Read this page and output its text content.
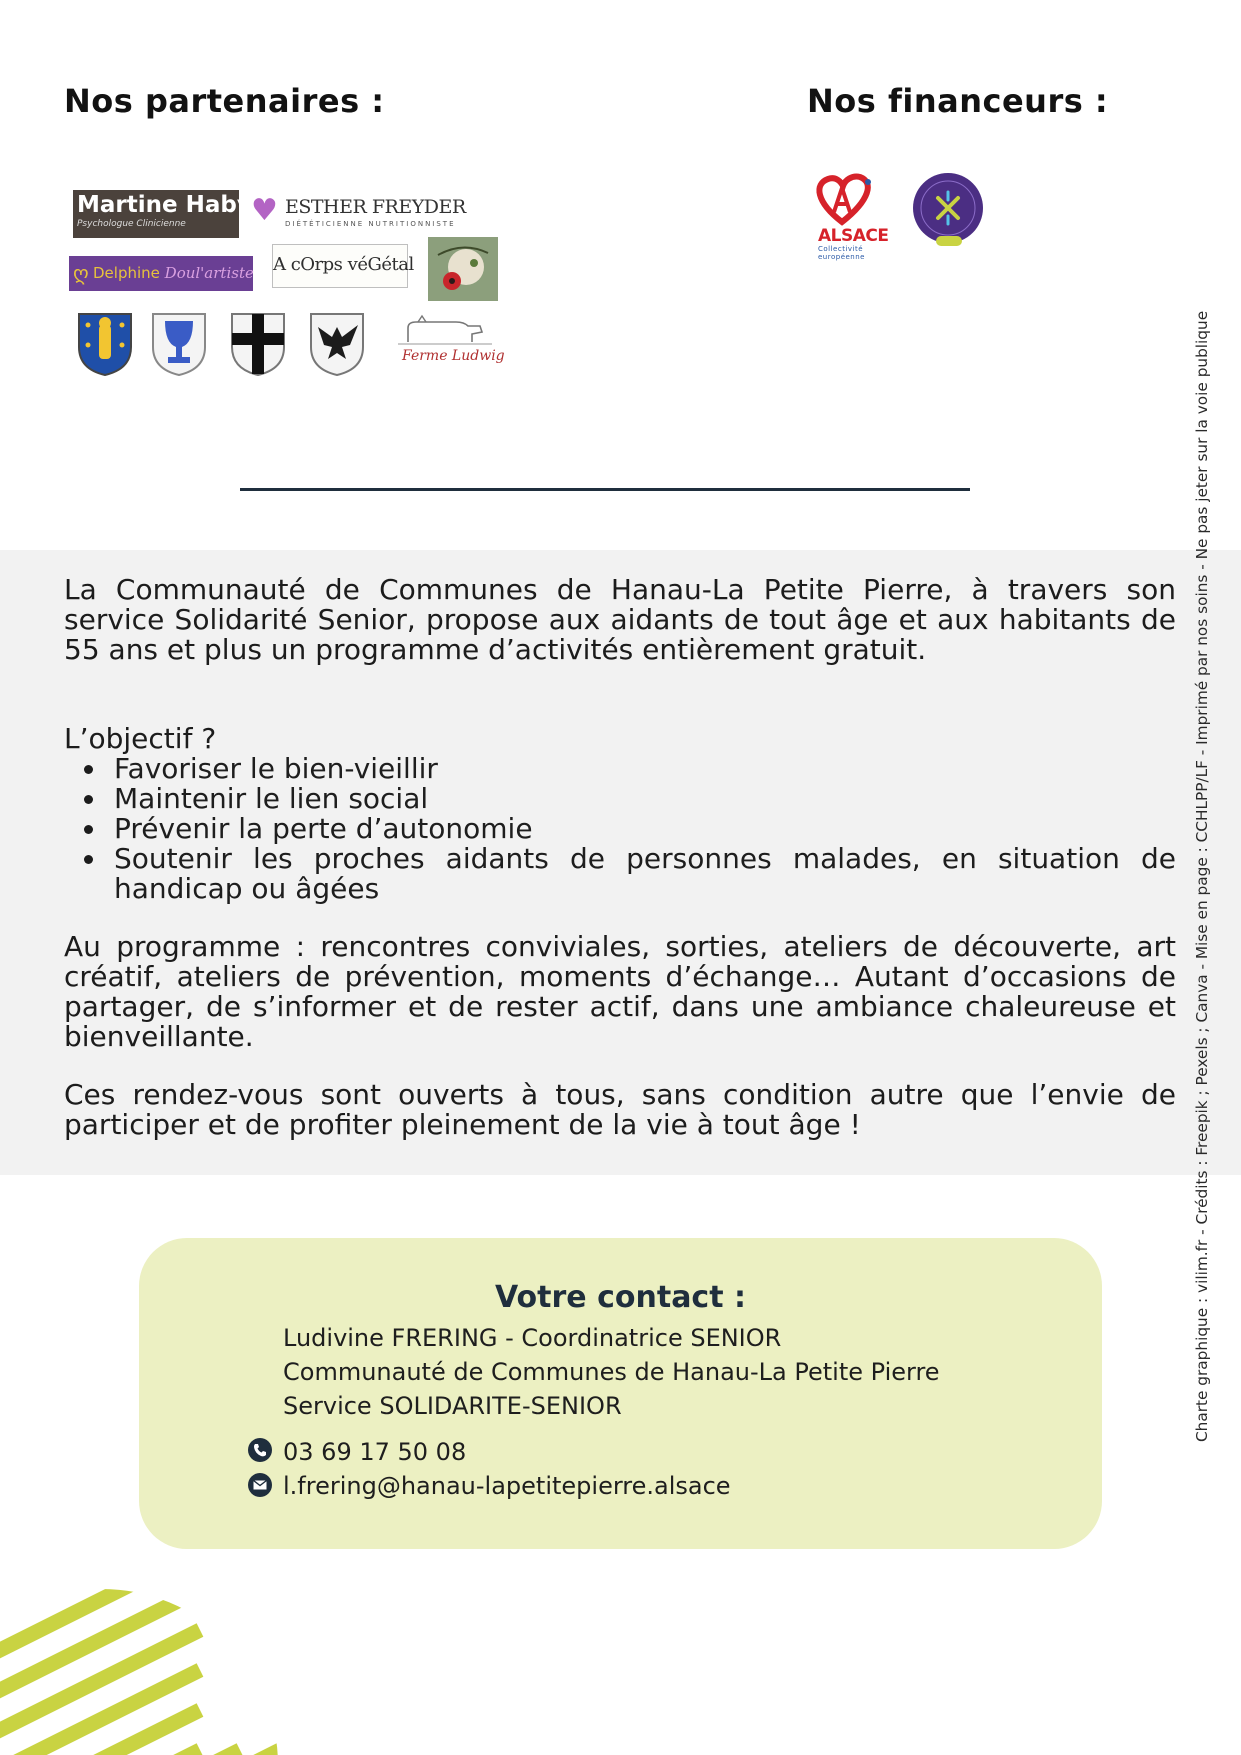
Nos partenaires :
Martine Haby
Psychologue Clinicienne	♥ ESTHER FREYDER
DIÉTÉTICIENNE NUTRITIONNISTE
ღ Delphine Doul'artiste A cOrps véGétal
Ferme Ludwig
Nos financeurs :
ALSACE
Collectivité européenne

La Communauté de Communes de Hanau-La Petite Pierre, à travers son service Solidarité Senior, propose aux aidants de tout âge et aux habitants de 55 ans et plus un programme d’activités entièrement gratuit.

L’objectif ?

Favoriser le bien-vieillir
Maintenir le lien social
Prévenir la perte d’autonomie
Soutenir les proches aidants de personnes malades, en situation de handicap ou âgées

Au programme : rencontres conviviales, sorties, ateliers de découverte, art créatif, ateliers de prévention, moments d’échange… Autant d’occasions de partager, de s’informer et de rester actif, dans une ambiance chaleureuse et bienveillante.

Ces rendez-vous sont ouverts à tous, sans condition autre que l’envie de participer et de profiter pleinement de la vie à tout âge !

Votre contact :
Ludivine FRERING - Coordinatrice SENIOR
Communauté de Communes de Hanau-La Petite Pierre
Service SOLIDARITE-SENIOR
03 69 17 50 08
l.frering@hanau-lapetitepierre.alsace
Charte graphique : vilim.fr - Crédits : Freepik ; Pexels ; Canva - Mise en page : CCHLPP/LF - Imprimé par nos soins - Ne pas jeter sur la voie publique
